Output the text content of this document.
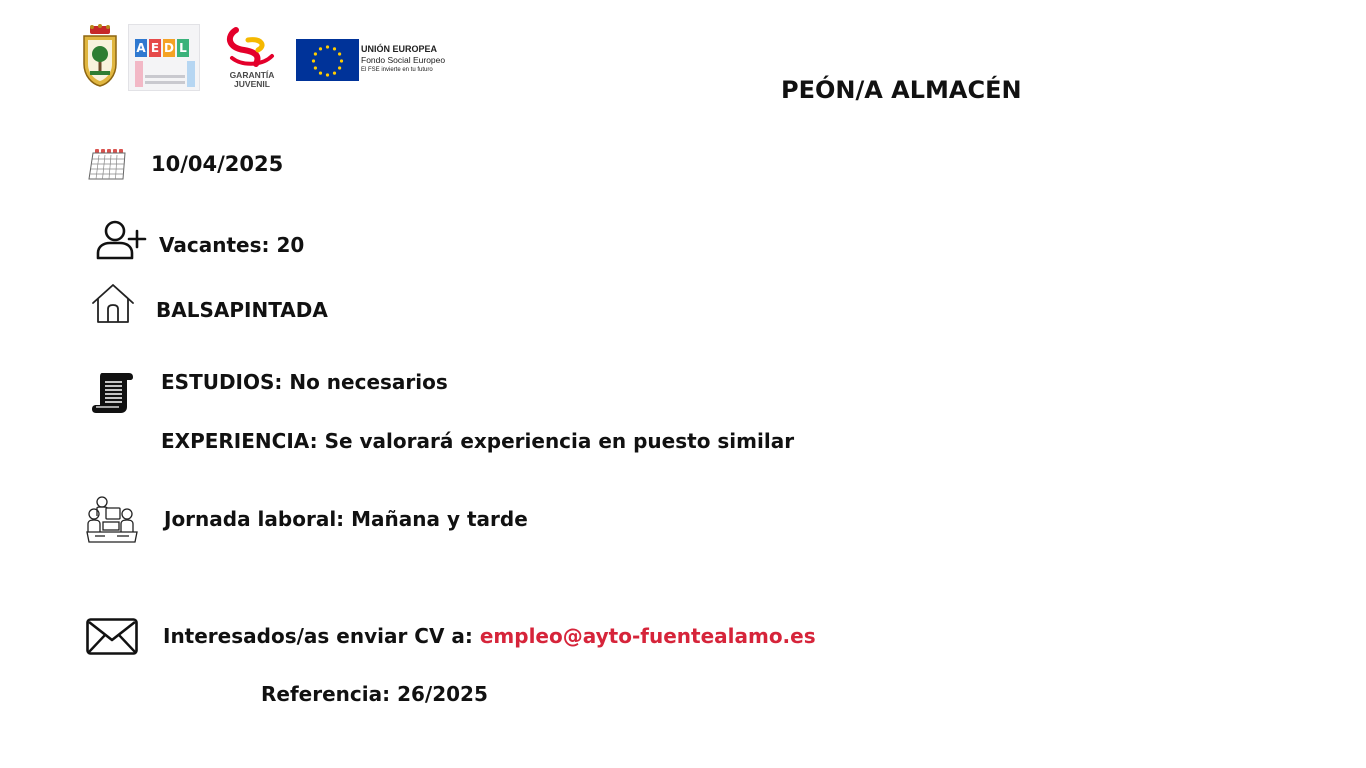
A E D L
GARANTÍA
JUVENIL
UNIÓN EUROPEA
Fondo Social Europeo
El FSE invierte en tu futuro
PEÓN/A ALMACÉN
10/04/2025
Vacantes: 20
BALSAPINTADA
ESTUDIOS: No necesarios
EXPERIENCIA: Se valorará experiencia en puesto similar
Jornada laboral: Mañana y tarde
Interesados/as enviar CV a: empleo@ayto-fuentealamo.es
Referencia: 26/2025
